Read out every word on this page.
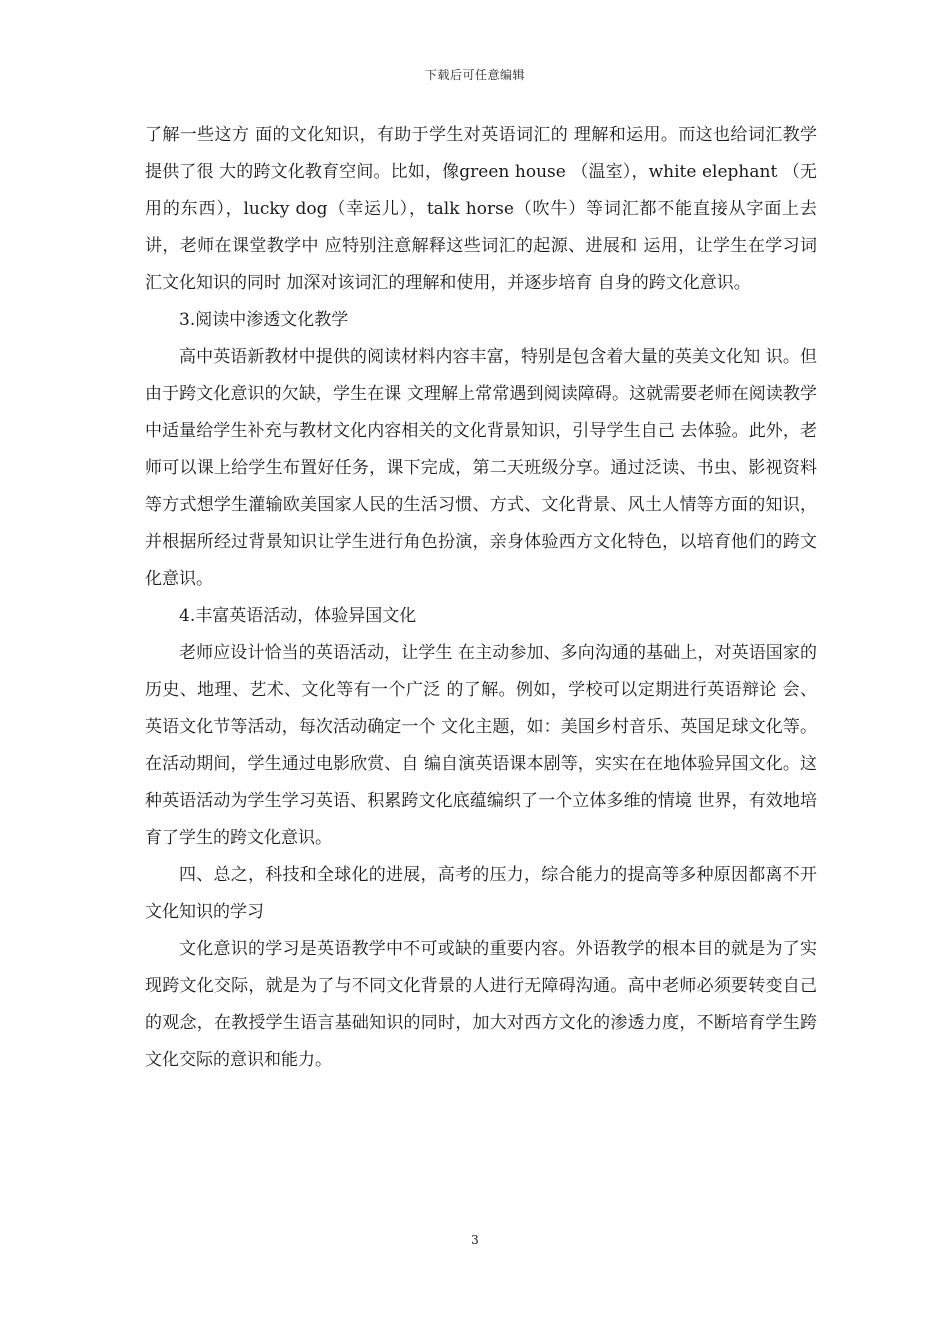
下载后可任意编辑

了解一些这方 面的文化知识，有助于学生对英语词汇的 理解和运用。而这也给词汇教学提供了很 大的跨文化教育空间。比如，像green house （温室），white elephant （无用的东西），lucky dog（幸运儿），talk horse（吹牛）等词汇都不能直接从字面上去讲，老师在课堂教学中 应特别注意解释这些词汇的起源、进展和 运用，让学生在学习词汇文化知识的同时 加深对该词汇的理解和使用，并逐步培育 自身的跨文化意识。

3.阅读中渗透文化教学

高中英语新教材中提供的阅读材料内容丰富，特别是包含着大量的英美文化知 识。但由于跨文化意识的欠缺，学生在课 文理解上常常遇到阅读障碍。这就需要老师在阅读教学中适量给学生补充与教材文化内容相关的文化背景知识，引导学生自己 去体验。此外，老师可以课上给学生布置好任务，课下完成，第二天班级分享。通过泛读、书虫、影视资料等方式想学生灌输欧美国家人民的生活习惯、方式、文化背景、风土人情等方面的知识，并根据所经过背景知识让学生进行角色扮演，亲身体验西方文化特色，以培育他们的跨文化意识。

4.丰富英语活动，体验异国文化

老师应设计恰当的英语活动，让学生 在主动参加、多向沟通的基础上，对英语国家的历史、地理、艺术、文化等有一个广泛 的了解。例如，学校可以定期进行英语辩论 会、英语文化节等活动，每次活动确定一个 文化主题，如：美国乡村音乐、英国足球文化等。在活动期间，学生通过电影欣赏、自 编自演英语课本剧等，实实在在地体验异国文化。这种英语活动为学生学习英语、积累跨文化底蕴编织了一个立体多维的情境 世界，有效地培育了学生的跨文化意识。

四、总之，科技和全球化的进展，高考的压力，综合能力的提高等多种原因都离不开文化知识的学习

文化意识的学习是英语教学中不可或缺的重要内容。外语教学的根本目的就是为了实现跨文化交际，就是为了与不同文化背景的人进行无障碍沟通。高中老师必须要转变自己的观念，在教授学生语言基础知识的同时，加大对西方文化的渗透力度，不断培育学生跨文化交际的意识和能力。

3
